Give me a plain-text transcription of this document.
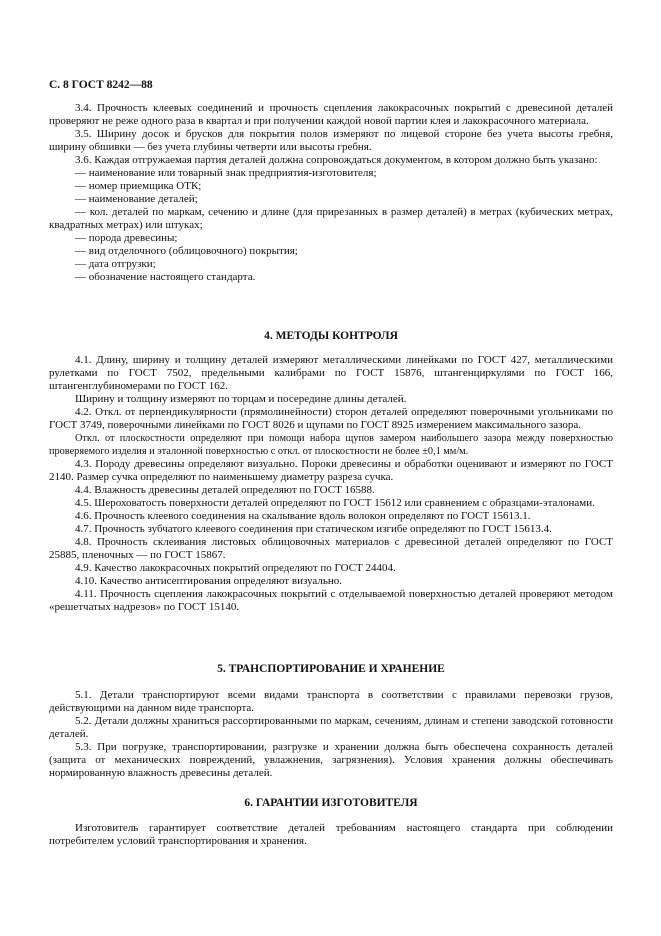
С. 8 ГОСТ 8242—88

3.4. Прочность клеевых соединений и прочность сцепления лакокрасочных покрытий с древесиной деталей проверяют не реже одного раза в квартал и при получении каждой новой партии клея и лакокрасочного материала.

3.5. Ширину досок и брусков для покрытия полов измеряют по лицевой стороне без учета высоты гребня, ширину обшивки — без учета глубины четверти или высоты гребня.

3.6. Каждая отгружаемая партия деталей должна сопровождаться документом, в котором должно быть указано:

— наименование или товарный знак предприятия-изготовителя;

— номер приемщика ОТК;

— наименование деталей;

— кол. деталей по маркам, сечению и длине (для прирезанных в размер деталей) в метрах (кубических метрах, квадратных метрах) или штуках;

— порода древесины;

— вид отделочного (облицовочного) покрытия;

— дата отгрузки;

— обозначение настоящего стандарта.

4. МЕТОДЫ КОНТРОЛЯ

4.1. Длину, ширину и толщину деталей измеряют металлическими линейками по ГОСТ 427, металлическими рулетками по ГОСТ 7502, предельными калибрами по ГОСТ 15876, штангенциркулями по ГОСТ 166, штангенглубиномерами по ГОСТ 162.

Ширину и толщину измеряют по торцам и посередине длины деталей.

4.2. Откл. от перпендикулярности (прямолинейности) сторон деталей определяют поверочными угольниками по ГОСТ 3749, поверочными линейками по ГОСТ 8026 и щупами по ГОСТ 8925 измерением максимального зазора.

Откл. от плоскостности определяют при помощи набора щупов замером наибольшего зазора между поверхностью проверяемого изделия и эталонной поверхностью с откл. от плоскостности не более ±0,1 мм/м.

4.3. Породу древесины определяют визуально. Пороки древесины и обработки оценивают и измеряют по ГОСТ 2140. Размер сучка определяют по наименьшему диаметру разреза сучка.

4.4. Влажность древесины деталей определяют по ГОСТ 16588.

4.5. Шероховатость поверхности деталей определяют по ГОСТ 15612 или сравнением с образцами-эталонами.

4.6. Прочность клеевого соединения на скалывание вдоль волокон определяют по ГОСТ 15613.1.

4.7. Прочность зубчатого клеевого соединения при статическом изгибе определяют по ГОСТ 15613.4.

4.8. Прочность склеивания листовых облицовочных материалов с древесиной деталей определяют по ГОСТ 25885, пленочных — по ГОСТ 15867.

4.9. Качество лакокрасочных покрытий определяют по ГОСТ 24404.

4.10. Качество антисептирования определяют визуально.

4.11. Прочность сцепления лакокрасочных покрытий с отделываемой поверхностью деталей проверяют методом «решетчатых надрезов» по ГОСТ 15140.

5. ТРАНСПОРТИРОВАНИЕ И ХРАНЕНИЕ

5.1. Детали транспортируют всеми видами транспорта в соответствии с правилами перевозки грузов, действующими на данном виде транспорта.

5.2. Детали должны храниться рассортированными по маркам, сечениям, длинам и степени заводской готовности деталей.

5.3. При погрузке, транспортировании, разгрузке и хранении должна быть обеспечена сохранность деталей (защита от механических повреждений, увлажнения, загрязнения). Условия хранения должны обеспечивать нормированную влажность древесины деталей.

6. ГАРАНТИИ ИЗГОТОВИТЕЛЯ

Изготовитель гарантирует соответствие деталей требованиям настоящего стандарта при соблюдении потребителем условий транспортирования и хранения.
